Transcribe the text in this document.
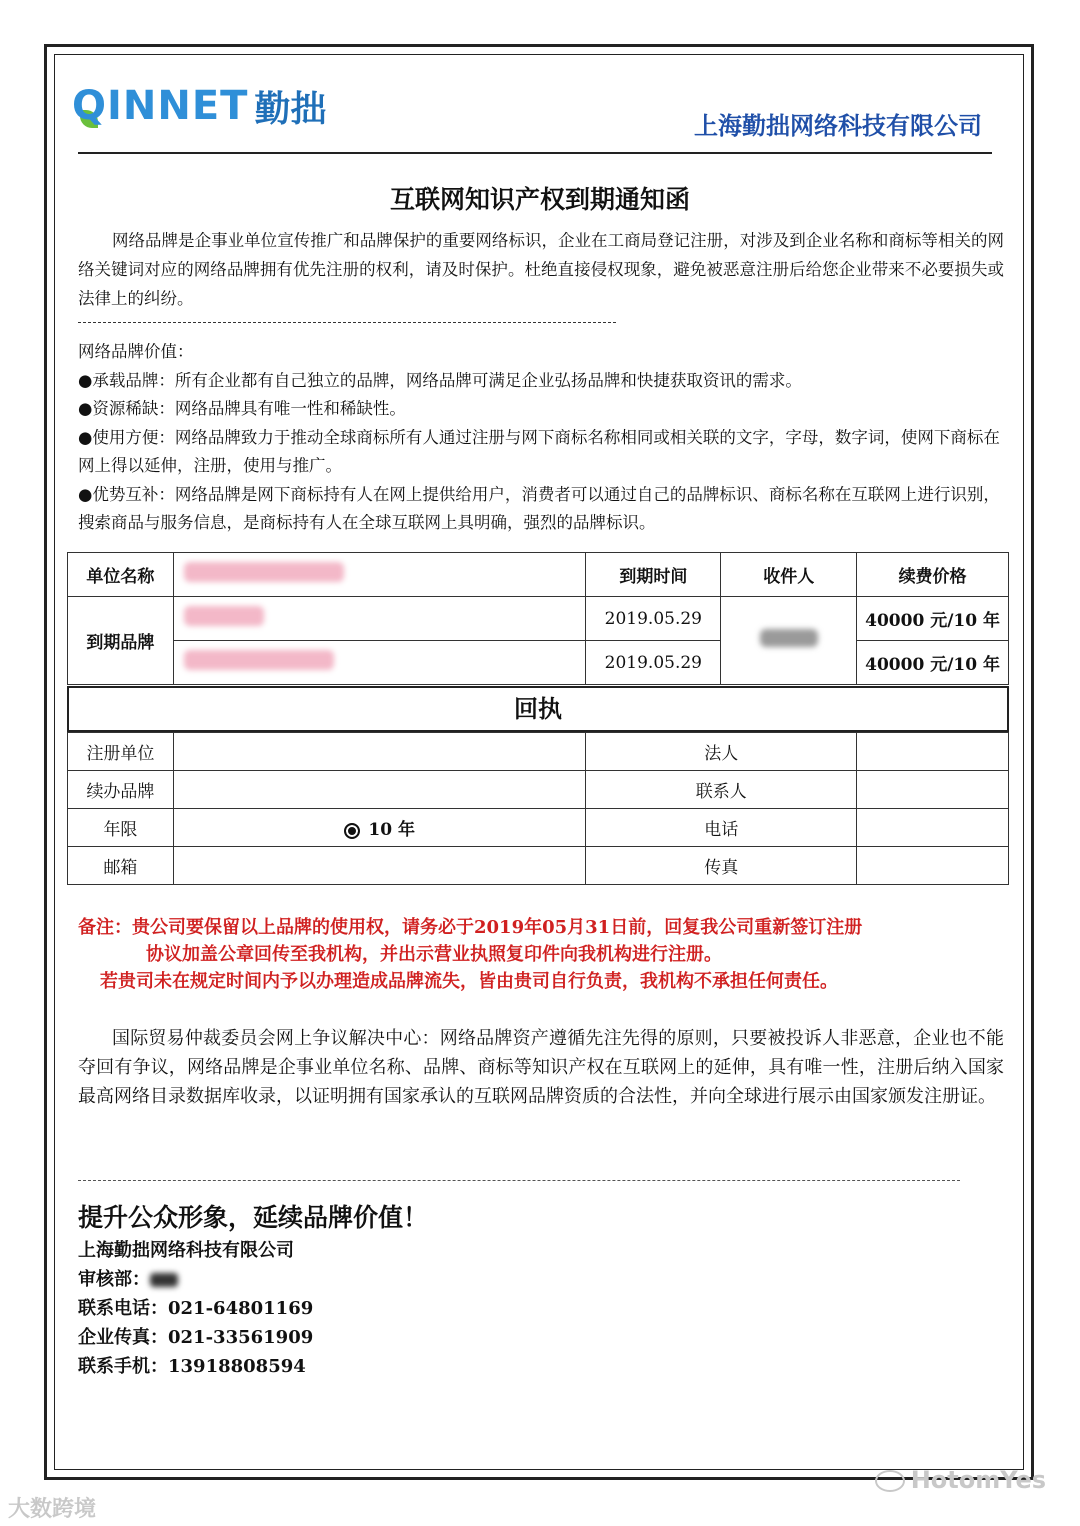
QINNET 勤拙	上海勤拙网络科技有限公司
互联网知识产权到期通知函
网络品牌是企事业单位宣传推广和品牌保护的重要网络标识，企业在工商局登记注册，对涉及到企业名称和商标等相关的网络关键词对应的网络品牌拥有优先注册的权利，请及时保护。杜绝直接侵权现象，避免被恶意注册后给您企业带来不必要损失或法律上的纠纷。
网络品牌价值：
●承载品牌：所有企业都有自己独立的品牌，网络品牌可满足企业弘扬品牌和快捷获取资讯的需求。
●资源稀缺：网络品牌具有唯一性和稀缺性。
●使用方便：网络品牌致力于推动全球商标所有人通过注册与网下商标名称相同或相关联的文字，字母，数字词，使网下商标在网上得以延伸，注册，使用与推广。
●优势互补：网络品牌是网下商标持有人在网上提供给用户，消费者可以通过自己的品牌标识、商标名称在互联网上进行识别，搜索商品与服务信息，是商标持有人在全球互联网上具明确，强烈的品牌标识。
单位名称		到期时间	收件人	续费价格
到期品牌		2019.05.29		40000 元/10 年
		2019.05.29		40000 元/10 年
回执
注册单位		法人	
续办品牌		联系人	
年限	10 年	电话	
邮箱		传真	
备注：贵公司要保留以上品牌的使用权，请务必于2019年05月31日前，回复我公司重新签订注册
协议加盖公章回传至我机构，并出示营业执照复印件向我机构进行注册。
若贵司未在规定时间内予以办理造成品牌流失，皆由贵司自行负责，我机构不承担任何责任。
国际贸易仲裁委员会网上争议解决中心：网络品牌资产遵循先注先得的原则，只要被投诉人非恶意，企业也不能夺回有争议，网络品牌是企事业单位名称、品牌、商标等知识产权在互联网上的延伸，具有唯一性，注册后纳入国家最高网络目录数据库收录，以证明拥有国家承认的互联网品牌资质的合法性，并向全球进行展示由国家颁发注册证。
提升公众形象，延续品牌价值！
上海勤拙网络科技有限公司
审核部：
联系电话：021-64801169
企业传真：021-33561909
联系手机：13918808594
大数跨境
HotomYes
